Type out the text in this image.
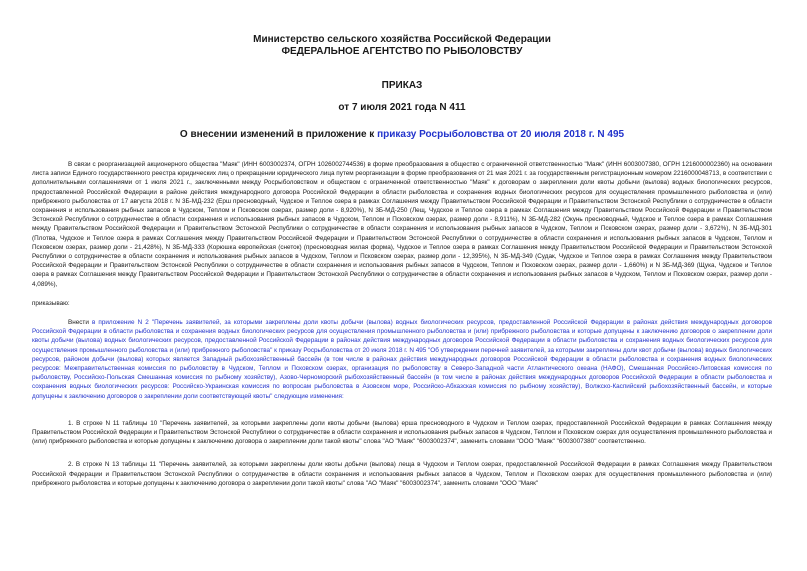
Министерство сельского хозяйства Российской Федерации
ФЕДЕРАЛЬНОЕ АГЕНТСТВО ПО РЫБОЛОВСТВУ
ПРИКАЗ
от 7 июля 2021 года N 411
О внесении изменений в приложение к приказу Росрыболовства от 20 июля 2018 г. N 495

В связи с реорганизацией акционерного общества "Маяк" (ИНН 6003002374, ОГРН 1026002744536) в форме преобразования в общество с ограниченной ответственностью "Маяк" (ИНН 6003007380, ОГРН 1216000002360) на основании листа записи Единого государственного реестра юридических лиц о прекращении юридического лица путем реорганизации в форме преобразования от 21 мая 2021 г. за государственным регистрационным номером 2216000048713, в соответствии с дополнительными соглашениями от 1 июля 2021 г., заключенными между Росрыболовством и обществом с ограниченной ответственностью "Маяк" к договорам о закреплении доли квоты добычи (вылова) водных биологических ресурсов, предоставленной Российской Федерации в районе действия международного договора Российской Федерации в области рыболовства и сохранения водных биологических ресурсов для осуществления промышленного рыболовства и (или) прибрежного рыболовства от 17 августа 2018 г. N 3Б-МД-232 (Ерш пресноводный, Чудское и Теплое озера в рамках Соглашения между Правительством Российской Федерации и Правительством Эстонской Республики о сотрудничестве в области сохранения и использования рыбных запасов в Чудском, Теплом и Псковском озерах, размер доли - 8,920%), N 3Б-МД-250 (Лещ, Чудское и Теплое озера в рамках Соглашения между Правительством Российской Федерации и Правительством Эстонской Республики о сотрудничестве в области сохранения и использования рыбных запасов в Чудском, Теплом и Псковском озерах, размер доли - 8,911%), N 3Б-МД-282 (Окунь пресноводный, Чудское и Теплое озера в рамках Соглашения между Правительством Российской Федерации и Правительством Эстонской Республики о сотрудничестве в области сохранения и использования рыбных запасов в Чудском, Теплом и Псковском озерах, размер доли - 3,672%), N 3Б-МД-301 (Плотва, Чудское и Теплое озера в рамках Соглашения между Правительством Российской Федерации и Правительством Эстонской Республики о сотрудничестве в области сохранения и использования рыбных запасов в Чудском, Теплом и Псковском озерах, размер доли - 21,428%), N 3Б-МД-333 (Корюшка европейская (снеток) (пресноводная жилая форма), Чудское и Теплое озера в рамках Соглашения между Правительством Российской Федерации и Правительством Эстонской Республики о сотрудничестве в области сохранения и использования рыбных запасов в Чудском, Теплом и Псковском озерах, размер доли - 12,395%), N 3Б-МД-349 (Судак, Чудское и Теплое озера в рамках Соглашения между Правительством Российской Федерации и Правительством Эстонской Республики о сотрудничестве в области сохранения и использования рыбных запасов в Чудском, Теплом и Псковском озерах, размер доли - 1,660%) и N 3Б-МД-369 (Щука, Чудское и Теплое озера в рамках Соглашения между Правительством Российской Федерации и Правительством Эстонской Республики о сотрудничестве в области сохранения и использования рыбных запасов в Чудском, Теплом и Псковском озерах, размер доли - 4,089%),

приказываю:

Внести в приложение N 2 "Перечень заявителей, за которыми закреплены доли квоты добычи (вылова) водных биологических ресурсов, предоставленной Российской Федерации в районах действия международных договоров Российской Федерации в области рыболовства и сохранения водных биологических ресурсов для осуществления промышленного рыболовства и (или) прибрежного рыболовства и которые допущены к заключению договоров о закреплении доли квоты добычи (вылова) водных биологических ресурсов, предоставленной Российской Федерации в районах действия международных договоров Российской Федерации в области рыболовства и сохранения водных биологических ресурсов для осуществления промышленного рыболовства и (или) прибрежного рыболовства" к приказу Росрыболовства от 20 июля 2018 г. N 495 "Об утверждении перечней заявителей, за которыми закреплены доли квот добычи (вылова) водных биологических ресурсов, районом добычи (вылова) которых является Западный рыбохозяйственный бассейн (в том числе в районах действия международных договоров Российской Федерации в области рыболовства и сохранения водных биологических ресурсов: Межправительственная комиссия по рыболовству в Чудском, Теплом и Псковском озерах, организация по рыболовству в Северо-Западной части Атлантического океана (НАФО), Смешанная Российско-Литовская комиссия по рыболовству, Российско-Польская Смешанная комиссия по рыбному хозяйству), Азово-Черноморский рыбохозяйственный бассейн (в том числе в районах действия международных договоров Российской Федерации в области рыболовства и сохранения водных биологических ресурсов: Российско-Украинская комиссия по вопросам рыболовства в Азовском море, Российско-Абхазская комиссия по рыбному хозяйству), Волжско-Каспийский рыбохозяйственный бассейн, и которые допущены к заключению договоров о закреплении доли соответствующей квоты" следующие изменения:

1. В строке N 11 таблицы 10 "Перечень заявителей, за которыми закреплены доли квоты добычи (вылова) ерша пресноводного в Чудском и Теплом озерах, предоставленной Российской Федерации в рамках Соглашения между Правительством Российской Федерации и Правительством Эстонской Республики о сотрудничестве в области сохранения и использования рыбных запасов в Чудском, Теплом и Псковском озерах для осуществления промышленного рыболовства и (или) прибрежного рыболовства и которые допущены к заключению договора о закреплении доли такой квоты" слова "АО "Маяк" "6003002374", заменить словами "ООО "Маяк" "6003007380" соответственно.

2. В строке N 13 таблицы 11 "Перечень заявителей, за которыми закреплены доли квоты добычи (вылова) леща в Чудском и Теплом озерах, предоставленной Российской Федерации в рамках Соглашения между Правительством Российской Федерации и Правительством Эстонской Республики о сотрудничестве в области сохранения и использования рыбных запасов в Чудском, Теплом и Псковском озерах для осуществления промышленного рыболовства и (или) прибрежного рыболовства и которые допущены к заключению договора о закреплении доли такой квоты" слова "АО "Маяк" "6003002374", заменить словами "ООО "Маяк"
